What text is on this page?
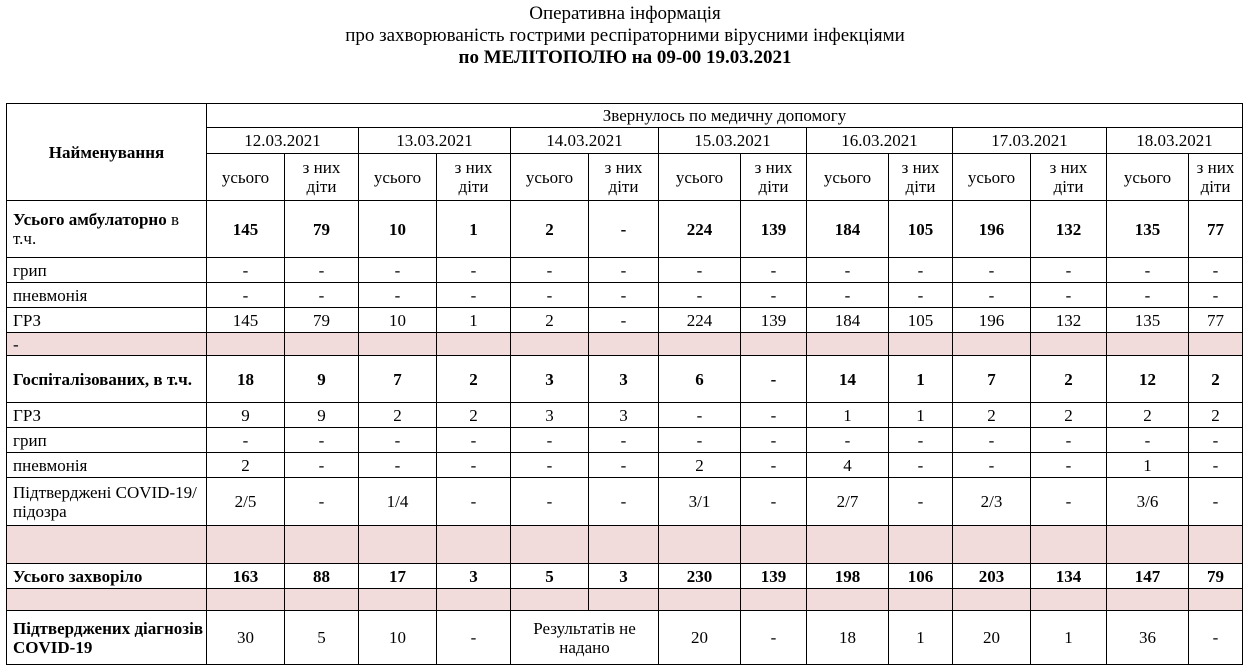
Оперативна інформація
про захворюваність гострими респіраторними вірусними інфекціями
по МЕЛІТОПОЛЮ на 09-00 19.03.2021
Найменування	Звернулось по медичну допомогу													
	12.03.2021		13.03.2021		14.03.2021		15.03.2021		16.03.2021		17.03.2021		18.03.2021	
	усього	з них діти	усього	з них діти	усього	з них діти	усього	з них діти	усього	з них діти	усього	з них діти	усього	з них діти
Усього амбулаторно в т.ч.	145	79	10	1	2	-	224	139	184	105	196	132	135	77
грип	-	-	-	-	-	-	-	-	-	-	-	-	-	-
пневмонія	-	-	-	-	-	-	-	-	-	-	-	-	-	-
ГРЗ	145	79	10	1	2	-	224	139	184	105	196	132	135	77
-														
Госпіталізованих, в т.ч.	18	9	7	2	3	3	6	-	14	1	7	2	12	2
ГРЗ	9	9	2	2	3	3	-	-	1	1	2	2	2	2
грип	-	-	-	-	-	-	-	-	-	-	-	-	-	-
пневмонія	2	-	-	-	-	-	2	-	4	-	-	-	1	-
Підтверджені COVID-19/підозра	2/5	-	1/4	-	-	-	3/1	-	2/7	-	2/3	-	3/6	-

Усього захворіло	163	88	17	3	5	3	230	139	198	106	203	134	147	79

Підтверджених діагнозів COVID-19	30	5	10	-	Результатів не надано		20	-	18	1	20	1	36	-
